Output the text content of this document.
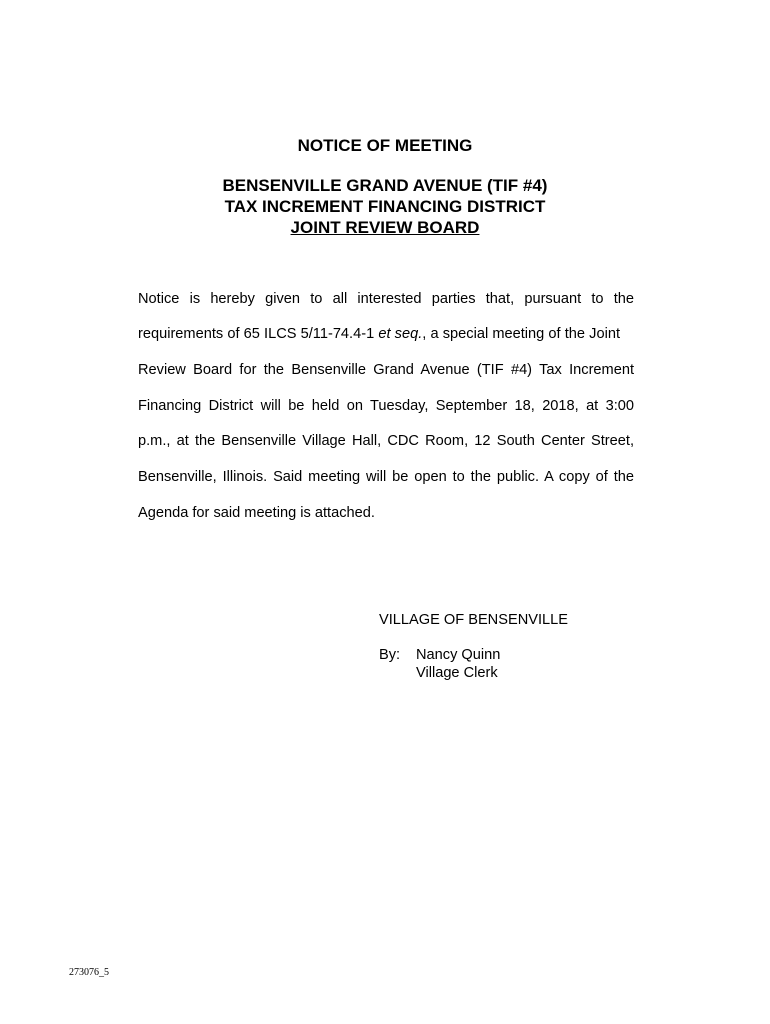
NOTICE OF MEETING
BENSENVILLE GRAND AVENUE (TIF #4)
TAX INCREMENT FINANCING DISTRICT
JOINT REVIEW BOARD
Notice is hereby given to all interested parties that, pursuant to the
requirements of 65 ILCS 5/11-74.4-1 et seq., a special meeting of the Joint
Review Board for the Bensenville Grand Avenue (TIF #4) Tax Increment
Financing District will be held on Tuesday, September 18, 2018, at 3:00
p.m., at the Bensenville Village Hall, CDC Room, 12 South Center Street,
Bensenville, Illinois. Said meeting will be open to the public. A copy of the
Agenda for said meeting is attached.
VILLAGE OF BENSENVILLE
By: Nancy Quinn
Village Clerk
273076_5
